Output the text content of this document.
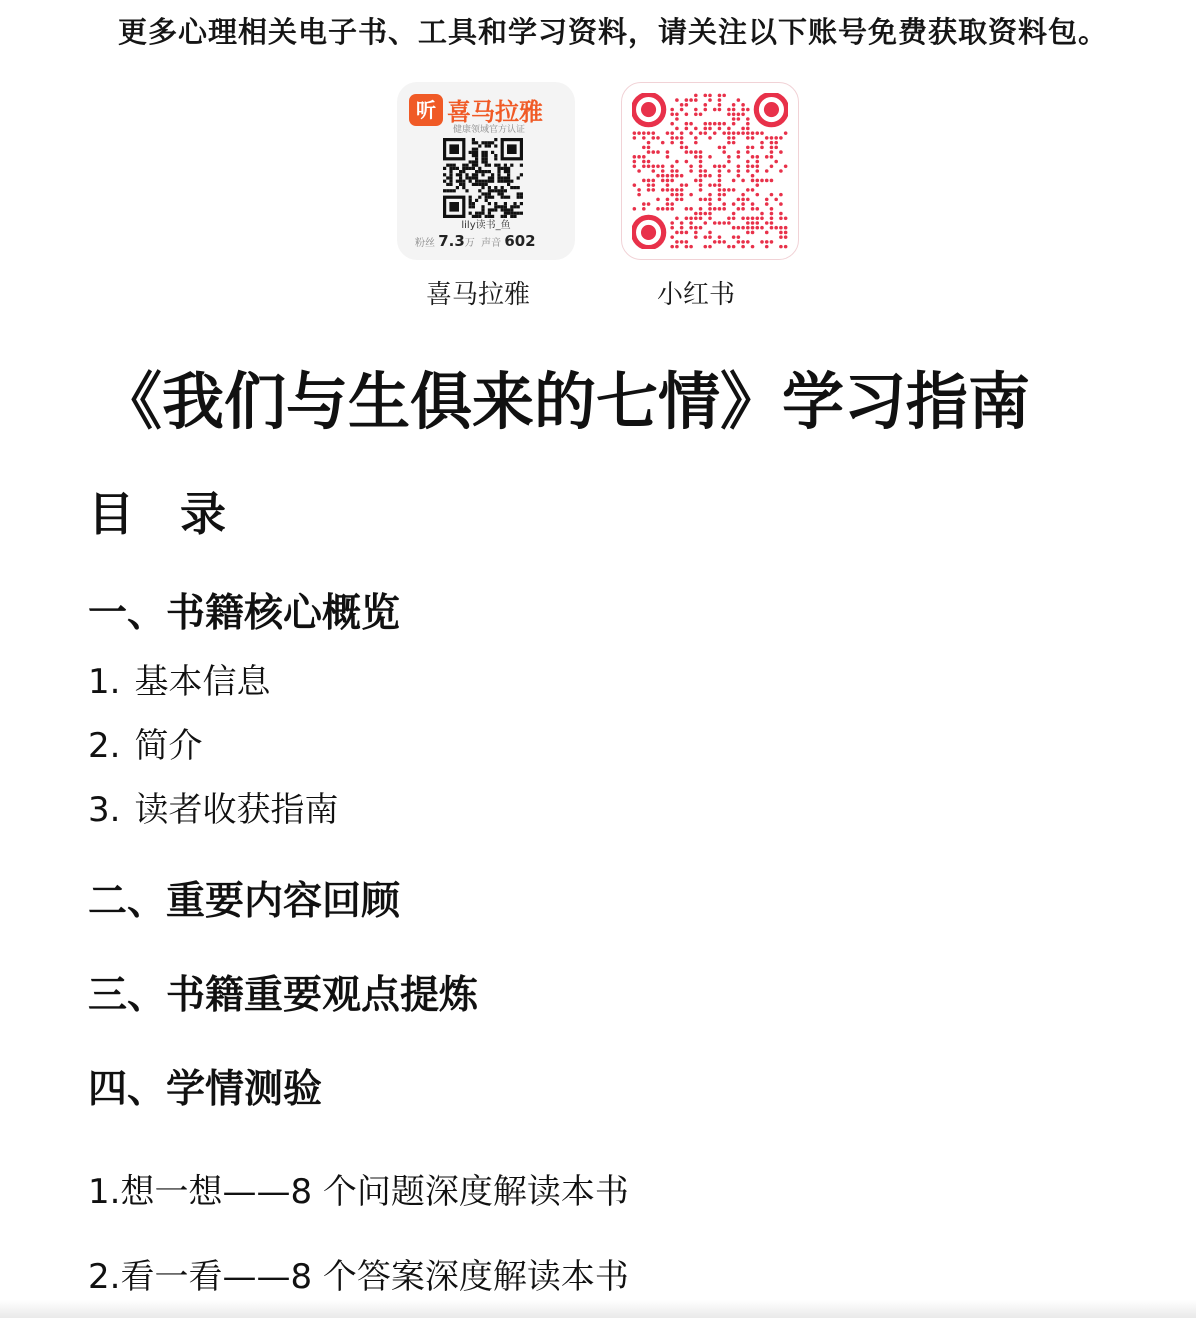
更多心理相关电子书、工具和学习资料，请关注以下账号免费获取资料包。
听 喜马拉雅
健康领域官方认证
lily读书_鱼
粉丝 7.3万 声音 602
喜马拉雅	小红书
《我们与生俱来的七情》学习指南
目录
一、书籍核心概览
1. 基本信息
2. 简介
3. 读者收获指南
二、重要内容回顾
三、书籍重要观点提炼
四、学情测验
1.想一想——8 个问题深度解读本书
2.看一看——8 个答案深度解读本书
